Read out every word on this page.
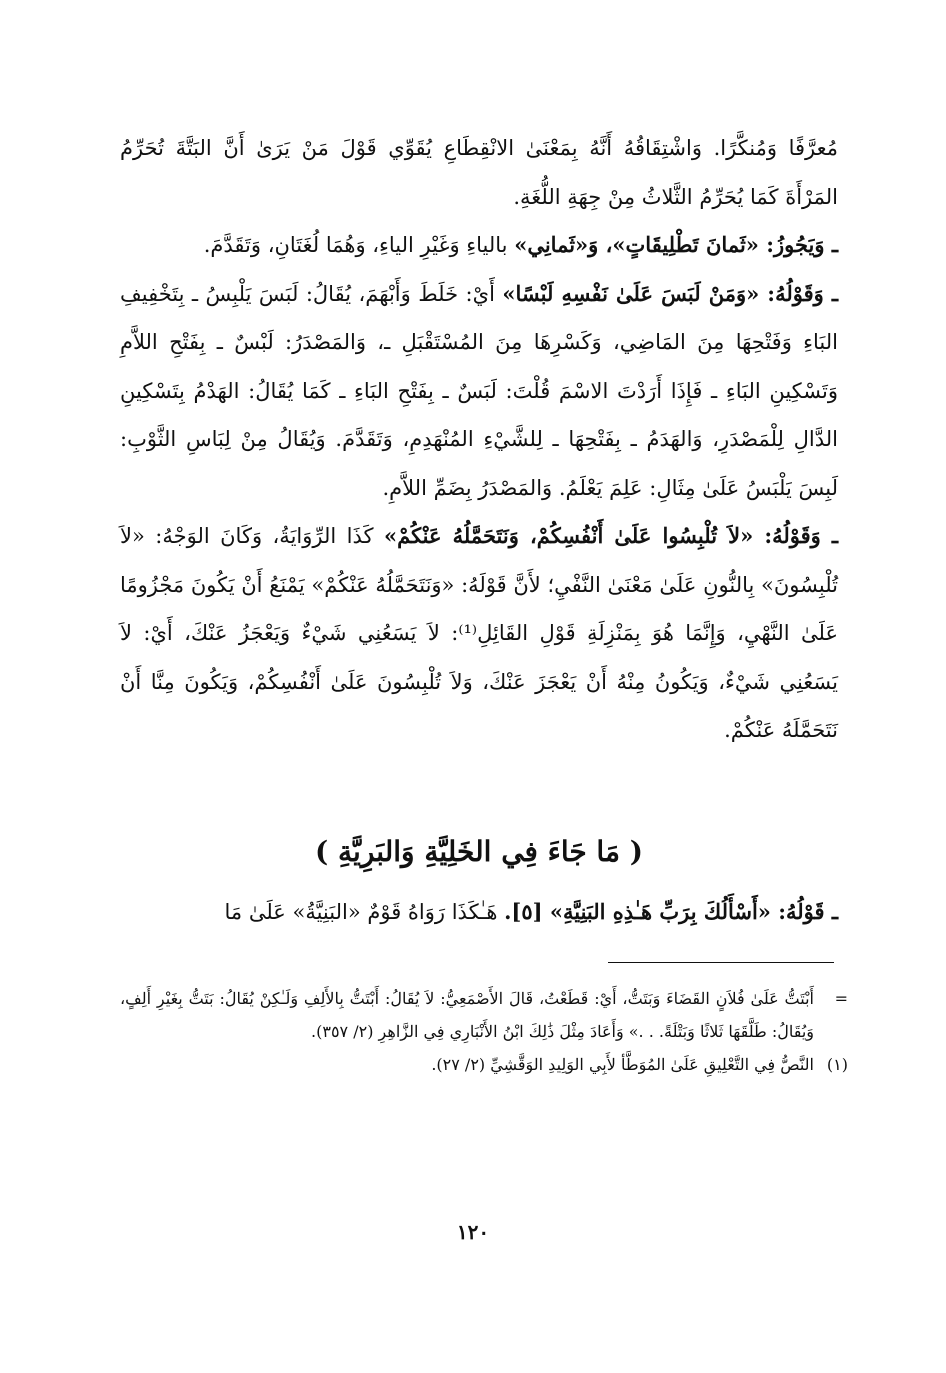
مُعرَّفًا وَمُنكَّرًا. وَاشْتِقَاقُهُ أَنَّهُ بِمَعْنَىٰ الانْقِطَاعِ يُقَوِّي قَوْلَ مَنْ يَرَىٰ أَنَّ البَتَّةَ تُحَرِّمُ المَرْأَةَ كَمَا يُحَرِّمُ الثَّلاثُ مِنْ جِهَةِ اللُّغَةِ.

ـ وَيَجُوزُ: «ثَمانَ تَطْلِيقَاتٍ»، وَ«ثَمانِي» بالياءِ وَغَيْرِ الياءِ، وَهُمَا لُغَتَانِ، وَتَقَدَّمَ.

ـ وَقَوْلُهُ: «وَمَنْ لَبَسَ عَلَىٰ نَفْسِهِ لَبْسًا» أَيْ: خَلَطَ وَأَبْهَمَ، يُقَالُ: لَبَسَ يَلْبِسُ ـ بِتَخْفِيفِ البَاءِ وَفَتْحِهَا مِنَ المَاضِي، وَكَسْرِهَا مِنَ المُسْتَقْبَلِ ـ، وَالمَصْدَرُ: لَبْسٌ ـ بِفَتْحِ اللاَّمِ وَتَسْكِينِ البَاءِ ـ فَإِذَا أَرَدْتَ الاسْمَ قُلْتَ: لَبَسٌ ـ بِفَتْحِ البَاءِ ـ كَمَا يُقَالُ: الهَدْمُ بِتَسْكِينِ الدَّالِ لِلْمَصْدَرِ، وَالهَدَمُ ـ بِفَتْحِهَا ـ لِلشَّيْءِ المُنْهَدِمِ، وَتَقَدَّمَ. وَيُقَالُ مِنْ لِبَاسِ الثَّوْبِ: لَبِسَ يَلْبَسُ عَلَىٰ مِثَالِ: عَلِمَ يَعْلَمُ. وَالمَصْدَرُ بِضَمِّ اللاَّمِ.

ـ وَقَوْلُهُ: «لاَ تُلْبِسُوا عَلَىٰ أَنْفُسِكُمْ، وَنَتَحَمَّلُهُ عَنْكُمْ» كَذَا الرِّوَايَةُ، وَكَانَ الوَجْهُ: «لاَ تُلْبِسُونَ» بِالنُّونِ عَلَىٰ مَعْنَىٰ النَّفْيِ؛ لأَنَّ قَوْلَهُ: «وَنَتَحَمَّلُهُ عَنْكُمْ» يَمْنَعُ أَنْ يَكُونَ مَجْزُومًا عَلَىٰ النَّهْيِ، وَإِنَّمَا هُوَ بِمَنْزِلَةِ قَوْلِ القَائِلِ⁽¹⁾: لاَ يَسَعُنِي شَيْءٌ وَيَعْجَزُ عَنْكَ، أَيْ: لاَ يَسَعُنِي شَيْءٌ، وَيَكُونُ مِنْهُ أَنْ يَعْجَزَ عَنْكَ، وَلاَ تُلْبِسُونَ عَلَىٰ أَنْفُسِكُمْ، وَيَكُونَ مِنَّا أَنْ نَتَحَمَّلَهُ عَنْكُمْ.

( مَا جَاءَ فِي الخَلِيَّةِ وَالبَرِيَّةِ )
ـ قَوْلُهُ: «أَسْأَلُكَ بِرَبِّ هَـٰذِهِ البَنِيَّةِ» [٥]. هَـٰكَذَا رَوَاهُ قَوْمٌ «البَنِيَّةُ» عَلَىٰ مَا
=
أَبْتَتُّ عَلَىٰ فُلاَنٍ القَضَاءَ وَبَتَتُّ، أَيْ: قَطَعْتُ، قَالَ الأَصْمَعِيُّ: لاَ يُقَالُ: أَبْتَتُّ بِالأَلِفِ وَلَـٰكِنْ يُقَالُ: بَتَتُّ بِغَيْرِ أَلِفٍ، وَيُقَالُ: طَلَّقَهَا ثَلاثًا وَبَتْلَةً. . .» وَأَعَادَ مِثْلَ ذَٰلِكَ ابْنُ الأَنْبَارِي فِي الزَّاهِرِ (٢/ ٣٥٧).
(١)
النَّصُّ فِي التَّعْلِيقِ عَلَىٰ المُوَطَّأ لأَبِي الوَلِيدِ الوَقَّشِيِّ (٢/ ٢٧).
١٢٠
